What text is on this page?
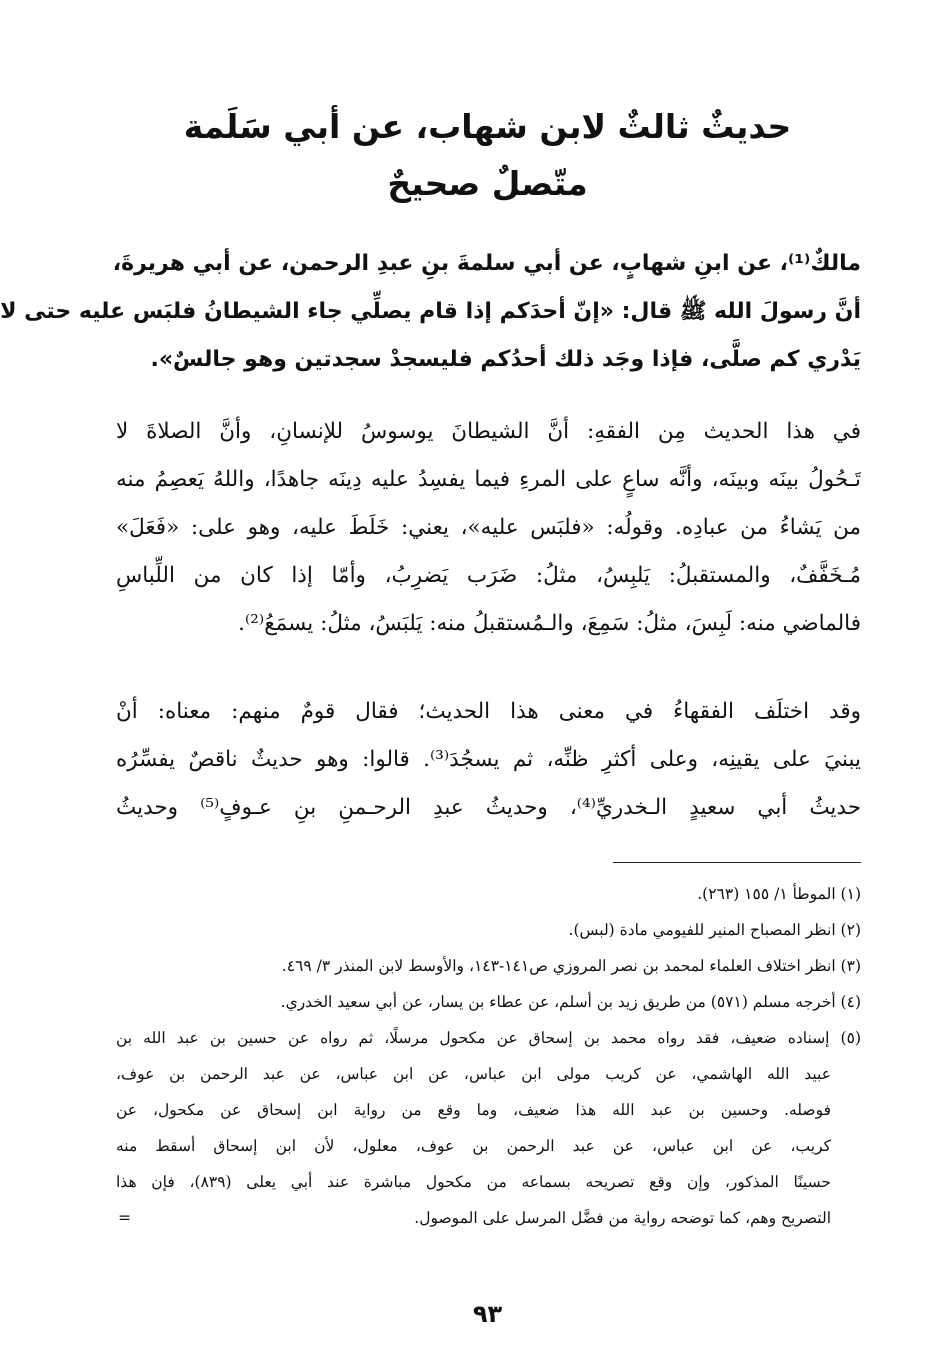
حديثٌ ثالثٌ لابن شهاب، عن أبي سَلَمة
متّصلٌ صحيحٌ
مالكٌ⁽¹⁾، عن ابنِ شهابٍ، عن أبي سلمةَ بنِ عبدِ الرحمن، عن أبي هريرةَ،
أنَّ رسولَ الله ﷺ قال: «إنّ أحدَكم إذا قام يصلِّي جاء الشيطانُ فلبَس عليه حتى لا
يَدْري كم صلَّى، فإذا وجَد ذلك أحدُكم فليسجدْ سجدتين وهو جالسٌ».
في هذا الحديث مِن الفقهِ: أنَّ الشيطانَ يوسوسُ للإنسانِ، وأنَّ الصلاةَ لا
تَـحُولُ بينَه وبينَه، وأنَّه ساعٍ على المرءِ فيما يفسِدُ عليه دِينَه جاهدًا، واللهُ يَعصِمُ منه
من يَشاءُ من عبادِه. وقولُه: «فلبَس عليه»، يعني: خَلَطَ عليه، وهو على: «فَعَلَ»
مُـخَفَّفٌ، والمستقبلُ: يَلبِسُ، مثلُ: ضَرَب يَضرِبُ، وأمّا إذا كان من اللِّباسِ
فالماضي منه: لَبِسَ، مثلُ: سَمِعَ، والـمُستقبلُ منه: يَلبَسُ، مثلُ: يسمَعُ⁽²⁾.
وقد اختلَف الفقهاءُ في معنى هذا الحديث؛ فقال قومٌ منهم: معناه: أنْ
يبنيَ على يقينِه، وعلى أكثرِ ظنِّه، ثم يسجُدَ⁽³⁾. قالوا: وهو حديثٌ ناقصٌ يفسِّرُه
حديثُ أبي سعيدٍ الـخدريِّ⁽⁴⁾، وحديثُ عبدِ الرحـمنِ بنِ عـوفٍ⁽⁵⁾ وحديثُ
(١) الموطأ ١/ ١٥٥ (٢٦٣).
(٢) انظر المصباح المنير للفيومي مادة (لبس).
(٣) انظر اختلاف العلماء لمحمد بن نصر المروزي ص١٤١-١٤٣، والأوسط لابن المنذر ٣/ ٤٦٩.
(٤) أخرجه مسلم (٥٧١) من طريق زيد بن أسلم، عن عطاء بن يسار، عن أبي سعيد الخدري.
(٥) إسناده ضعيف، فقد رواه محمد بن إسحاق عن مكحول مرسلًا، ثم رواه عن حسين بن عبد الله بن
عبيد الله الهاشمي، عن كريب مولى ابن عباس، عن ابن عباس، عن عبد الرحمن بن عوف،
فوصله. وحسين بن عبد الله هذا ضعيف، وما وقع من رواية ابن إسحاق عن مكحول، عن
كريب، عن ابن عباس، عن عبد الرحمن بن عوف، معلول، لأن ابن إسحاق أسقط منه
حسينًا المذكور، وإن وقع تصريحه بسماعه من مكحول مباشرة عند أبي يعلى (٨٣٩)، فإن هذا
التصريح وهم، كما توضحه رواية من فضَّل المرسل على الموصول.
=
٩٣
